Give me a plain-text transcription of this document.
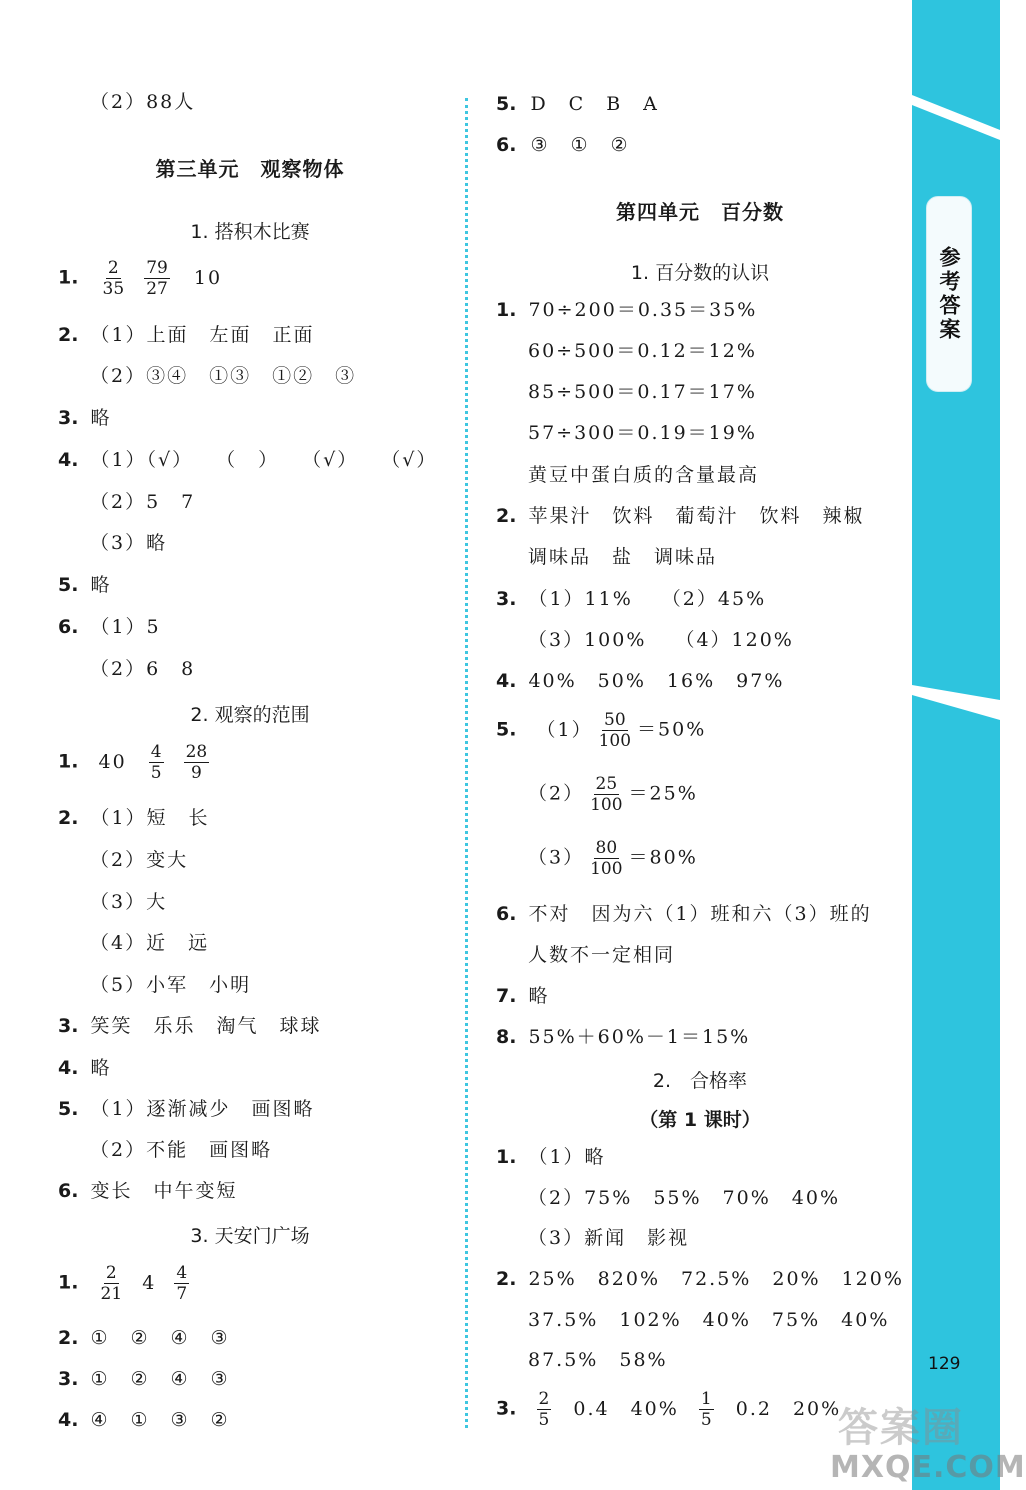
参考答案
129
（2）88人
第三单元　观察物体
1. 搭积木比赛
1. $\frac{2}{35}$
$\frac{79}{27} 10$
2. （1）上面　左面　正面
（2）③④　①③　①②　③
3. 略
4. （1）（√）　　（　）　　（√）　　（√）
（2）5　7
（3）略
5. 略
6. （1）5
（2）6　8
2. 观察的范围
1. $40 \frac{4}{5}$
$\frac{28}{9}$
2. （1）短　长
（2）变大
（3）大
（4）近　远
（5）小军　小明
3. 笑笑　乐乐　淘气　球球
4. 略
5. （1）逐渐减少　画图略
（2）不能　画图略
6. 变长　中午变短
3. 天安门广场
1. $\frac{2}{21} 4 \frac{4}{7}$
2. ①　②　④　③
3. ①　②　④　③
4. ④　①　③　②
5. D　C　B　A
6. ③　①　②
第四单元　百分数
1. 百分数的认识
1. 70÷200＝0.35＝35%
60÷500＝0.12＝12%
85÷500＝0.17＝17%
57÷300＝0.19＝19%
黄豆中蛋白质的含量最高
2. 苹果汁　饮料　葡萄汁　饮料　辣椒
调味品　盐　调味品
3. （1）11%　 （2）45%
（3）100%　 （4）120%
4. 40%　50%　16%　97%
5. $(1) \frac{50}{100} =50\%$
$(2) \frac{25}{100} =25\%$
$(3) \frac{80}{100} =80\%$
6. 不对　因为六（1）班和六（3）班的
人数不一定相同
7. 略
8. 55%＋60%－1＝15%
2.　合格率
（第 1 课时）
1. （1）略
（2）75%　55%　70%　40%
（3）新闻　影视
2. 25%　820%　72.5%　20%　120%
37.5%　102%　40%　75%　40%
87.5%　58%
3. $\frac{2}{5} 0.4$　$40\% \frac{1}{5} 0.2$　20%
答案圈
MXQE.COM
